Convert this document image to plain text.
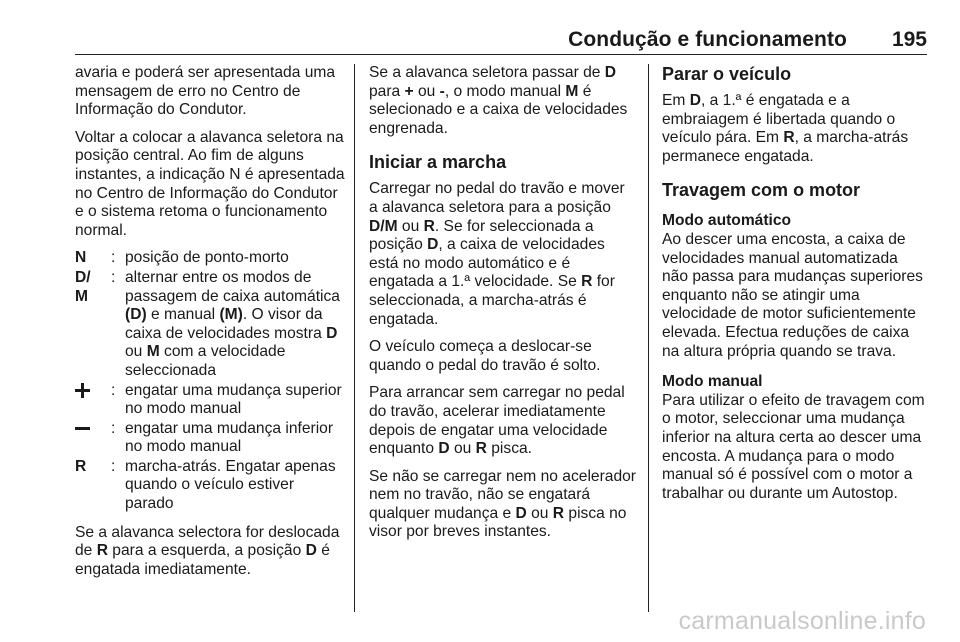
Condução e funcionamento 195

avaria e poderá ser apresentada uma mensagem de erro no Centro de Informação do Condutor.

Voltar a colocar a alavanca seletora na posição central. Ao fim de alguns instantes, a indicação N é apresentada no Centro de Informação do Condutor e o sistema retoma o funcionamento normal.

N	: posição de ponto-morto
D/
M
: alternar entre os modos de passagem de caixa automática (D) e manual (M). O visor da caixa de velocidades mostra D ou M com a velocidade seleccionada
: engatar uma mudança superior no modo manual
: engatar uma mudança inferior no modo manual
R	: marcha-atrás. Engatar apenas quando o veículo estiver parado

Se a alavanca selectora for deslocada de R para a esquerda, a posição D é engatada imediatamente.

Se a alavanca seletora passar de D para + ou -, o modo manual M é selecionado e a caixa de velocidades engrenada.

Iniciar a marcha

Carregar no pedal do travão e mover a alavanca seletora para a posição D/M ou R. Se for seleccionada a posição D, a caixa de velocidades está no modo automático e é engatada a 1.ª velocidade. Se R for seleccionada, a marcha-atrás é engatada.

O veículo começa a deslocar-se quando o pedal do travão é solto.

Para arrancar sem carregar no pedal do travão, acelerar imediatamente depois de engatar uma velocidade enquanto D ou R pisca.

Se não se carregar nem no acelerador nem no travão, não se engatará qualquer mudança e D ou R pisca no visor por breves instantes.

Parar o veículo

Em D, a 1.ª é engatada e a embraiagem é libertada quando o veículo pára. Em R, a marcha-atrás permanece engatada.

Travagem com o motor
Modo automático

Ao descer uma encosta, a caixa de velocidades manual automatizada não passa para mudanças superiores enquanto não se atingir uma velocidade de motor suficientemente elevada. Efectua reduções de caixa na altura própria quando se trava.

Modo manual

Para utilizar o efeito de travagem com o motor, seleccionar uma mudança inferior na altura certa ao descer uma encosta. A mudança para o modo manual só é possível com o motor a trabalhar ou durante um Autostop.

carmanualsonline.info
